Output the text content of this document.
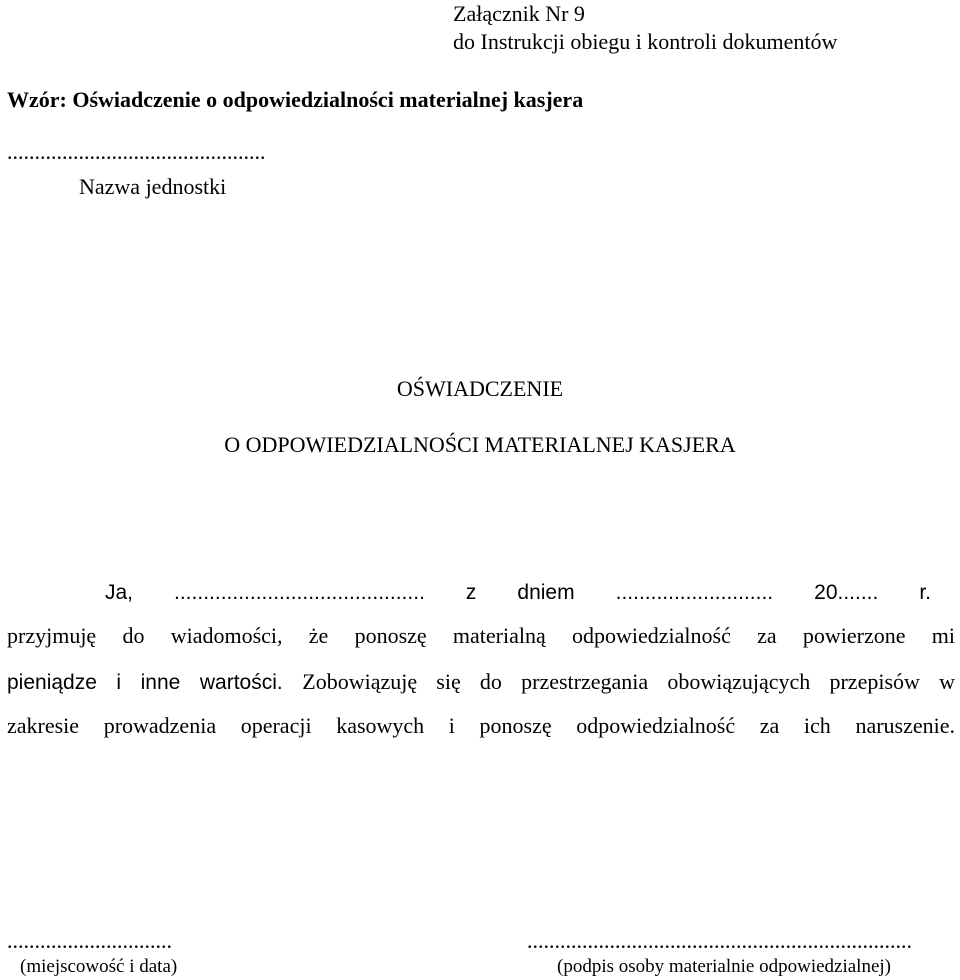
Załącznik Nr 9
do Instrukcji obiegu i kontroli dokumentów
Wzór: Oświadczenie o odpowiedzialności materialnej kasjera
...............................................
Nazwa jednostki
OŚWIADCZENIE
O ODPOWIEDZIALNOŚCI MATERIALNEJ KASJERA
Ja, ........................................... z dniem ........................... 20....... r.
przyjmuję do wiadomości, że ponoszę materialną odpowiedzialność za powierzone mi
pieniądze i inne wartości. Zobowiązuję się do przestrzegania obowiązujących przepisów w
zakresie prowadzenia operacji kasowych i ponoszę odpowiedzialność za ich naruszenie.
..............................
(miejscowość i data)
......................................................................
(podpis osoby materialnie odpowiedzialnej)
